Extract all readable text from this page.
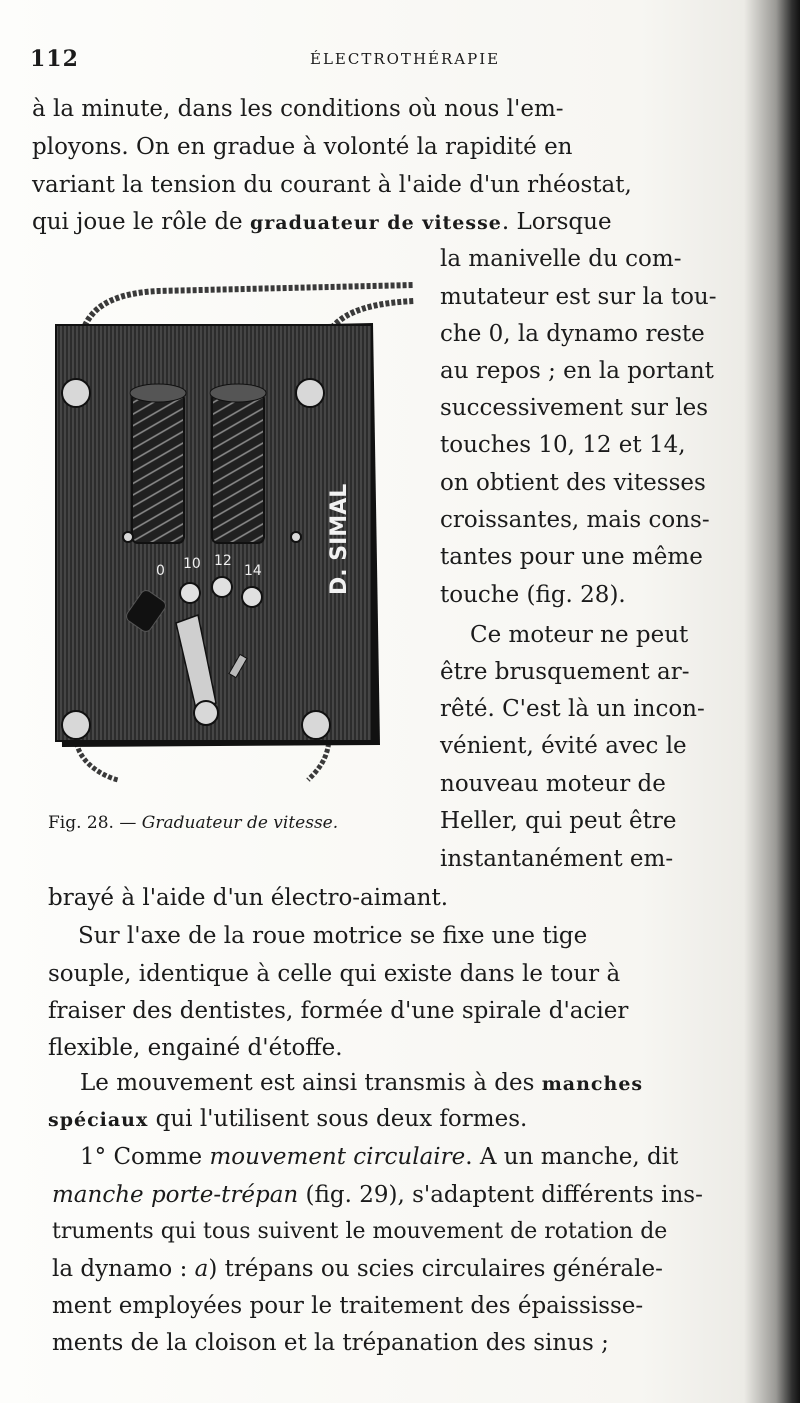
112	ÉLECTROTHÉRAPIE
à la minute, dans les conditions où nous l'em-
ployons. On en gradue à volonté la rapidité en
variant la tension du courant à l'aide d'un rhéostat,
qui joue le rôle de graduateur de vitesse. Lorsque
la manivelle du com-
mutateur est sur la tou-
che 0, la dynamo reste
au repos ; en la portant
successivement sur les
touches 10, 12 et 14,
on obtient des vitesses
croissantes, mais cons-
tantes pour une même
touche (fig. 28).
Ce moteur ne peut
être brusquement ar-
rêté. C'est là un incon-
vénient, évité avec le
nouveau moteur de
Heller, qui peut être
instantanément em-
0 10 12
14	D. SIMAL
Fig. 28. — Graduateur de vitesse.
brayé à l'aide d'un électro-aimant.
Sur l'axe de la roue motrice se fixe une tige
souple, identique à celle qui existe dans le tour à
fraiser des dentistes, formée d'une spirale d'acier
flexible, engainé d'étoffe.
Le mouvement est ainsi transmis à des manches
spéciaux qui l'utilisent sous deux formes.
1° Comme mouvement circulaire. A un manche, dit
manche porte-trépan (fig. 29), s'adaptent différents ins-
truments qui tous suivent le mouvement de rotation de
la dynamo : a) trépans ou scies circulaires générale-
ment employées pour le traitement des épaississe-
ments de la cloison et la trépanation des sinus ;
